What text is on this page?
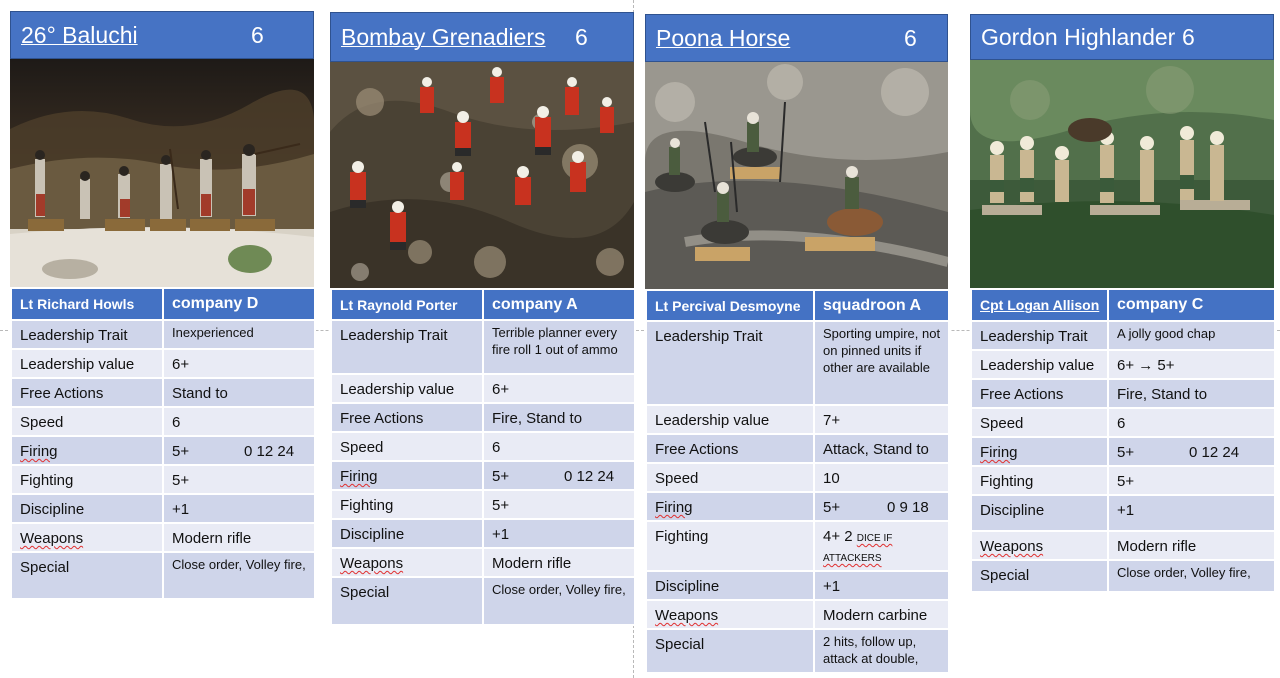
26° Baluchi	6
Lt Richard Howls	company D
Leadership Trait	Inexperienced
Leadership value	6+
Free Actions	Stand to
Speed	6
Firing	5+ 0 12 24
Fighting	5+
Discipline	+1
Weapons	Modern rifle
Special	Close order, Volley fire,
Bombay Grenadiers 6
Lt Raynold Porter	company A
Leadership Trait	Terrible planner every fire roll 1 out of ammo
Leadership value	6+
Free Actions	Fire, Stand to
Speed	6
Firing	5+ 0 12 24
Fighting	5+
Discipline	+1
Weapons	Modern rifle
Special	Close order, Volley fire,
Poona Horse	6
Lt Percival Desmoyne	squadroon A
Leadership Trait	Sporting umpire, not on pinned units if other are available
Leadership value	7+
Free Actions	Attack, Stand to
Speed	10
Firing	5+ 0 9 18
Fighting	4+ 2 DICE IF ATTACKERS
Discipline	+1
Weapons	Modern carbine
Special	2 hits, follow up, attack at double,
Gordon Highlander 6
Cpt Logan Allison	company C
Leadership Trait	A jolly good chap
Leadership value	6+ → 5+
Free Actions	Fire, Stand to
Speed	6
Firing	5+ 0 12 24
Fighting	5+
Discipline	+1
Weapons	Modern rifle
Special	Close order, Volley fire,
